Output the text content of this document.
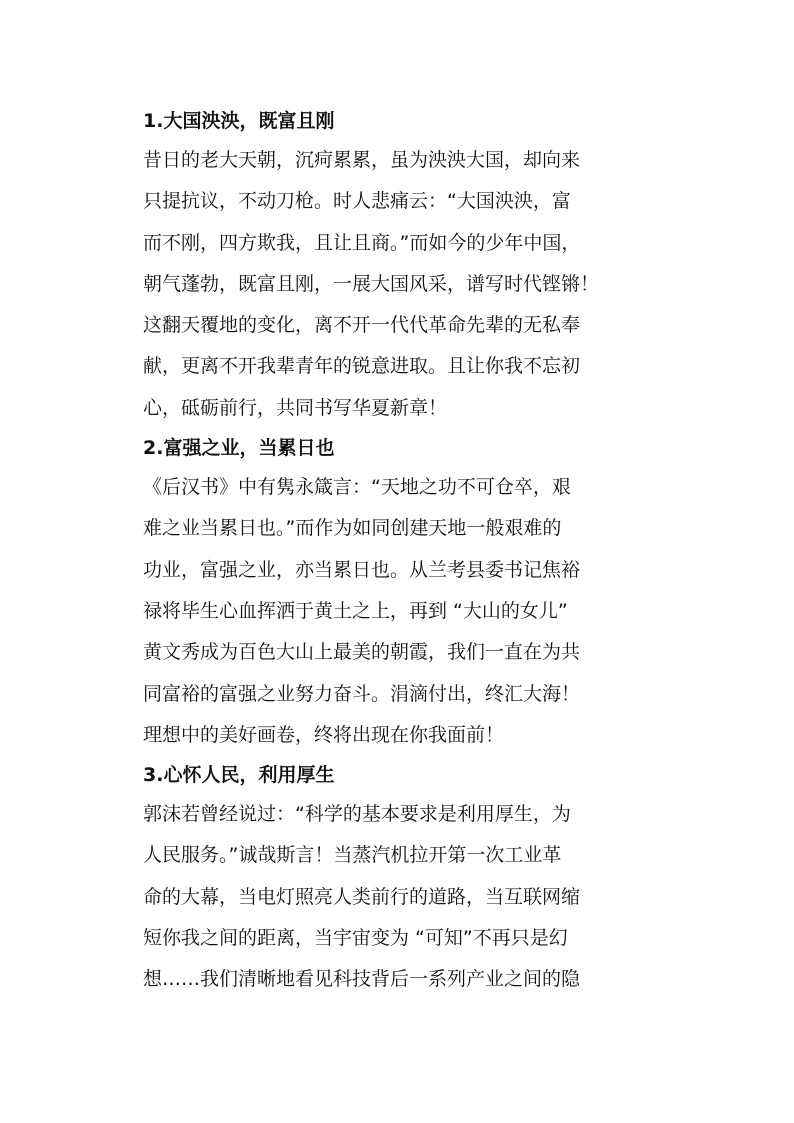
1.大国泱泱，既富且刚
昔日的老大天朝，沉疴累累，虽为泱泱大国，却向来
只提抗议，不动刀枪。时人悲痛云：“大国泱泱，富
而不刚，四方欺我，且让且商。”而如今的少年中国，
朝气蓬勃，既富且刚，一展大国风采，谱写时代铿锵！
这翻天覆地的变化，离不开一代代革命先辈的无私奉
献，更离不开我辈青年的锐意进取。且让你我不忘初
心，砥砺前行，共同书写华夏新章！
2.富强之业，当累日也
《后汉书》中有隽永箴言：“天地之功不可仓卒，艰
难之业当累日也。”而作为如同创建天地一般艰难的
功业，富强之业，亦当累日也。从兰考县委书记焦裕
禄将毕生心血挥洒于黄土之上，再到 “大山的女儿”
黄文秀成为百色大山上最美的朝霞，我们一直在为共
同富裕的富强之业努力奋斗。涓滴付出，终汇大海！
理想中的美好画卷，终将出现在你我面前！
3.心怀人民，利用厚生
郭沫若曾经说过：“科学的基本要求是利用厚生，为
人民服务。”诚哉斯言！当蒸汽机拉开第一次工业革
命的大幕，当电灯照亮人类前行的道路，当互联网缩
短你我之间的距离，当宇宙变为 “可知”不再只是幻
想……我们清晰地看见科技背后一系列产业之间的隐
